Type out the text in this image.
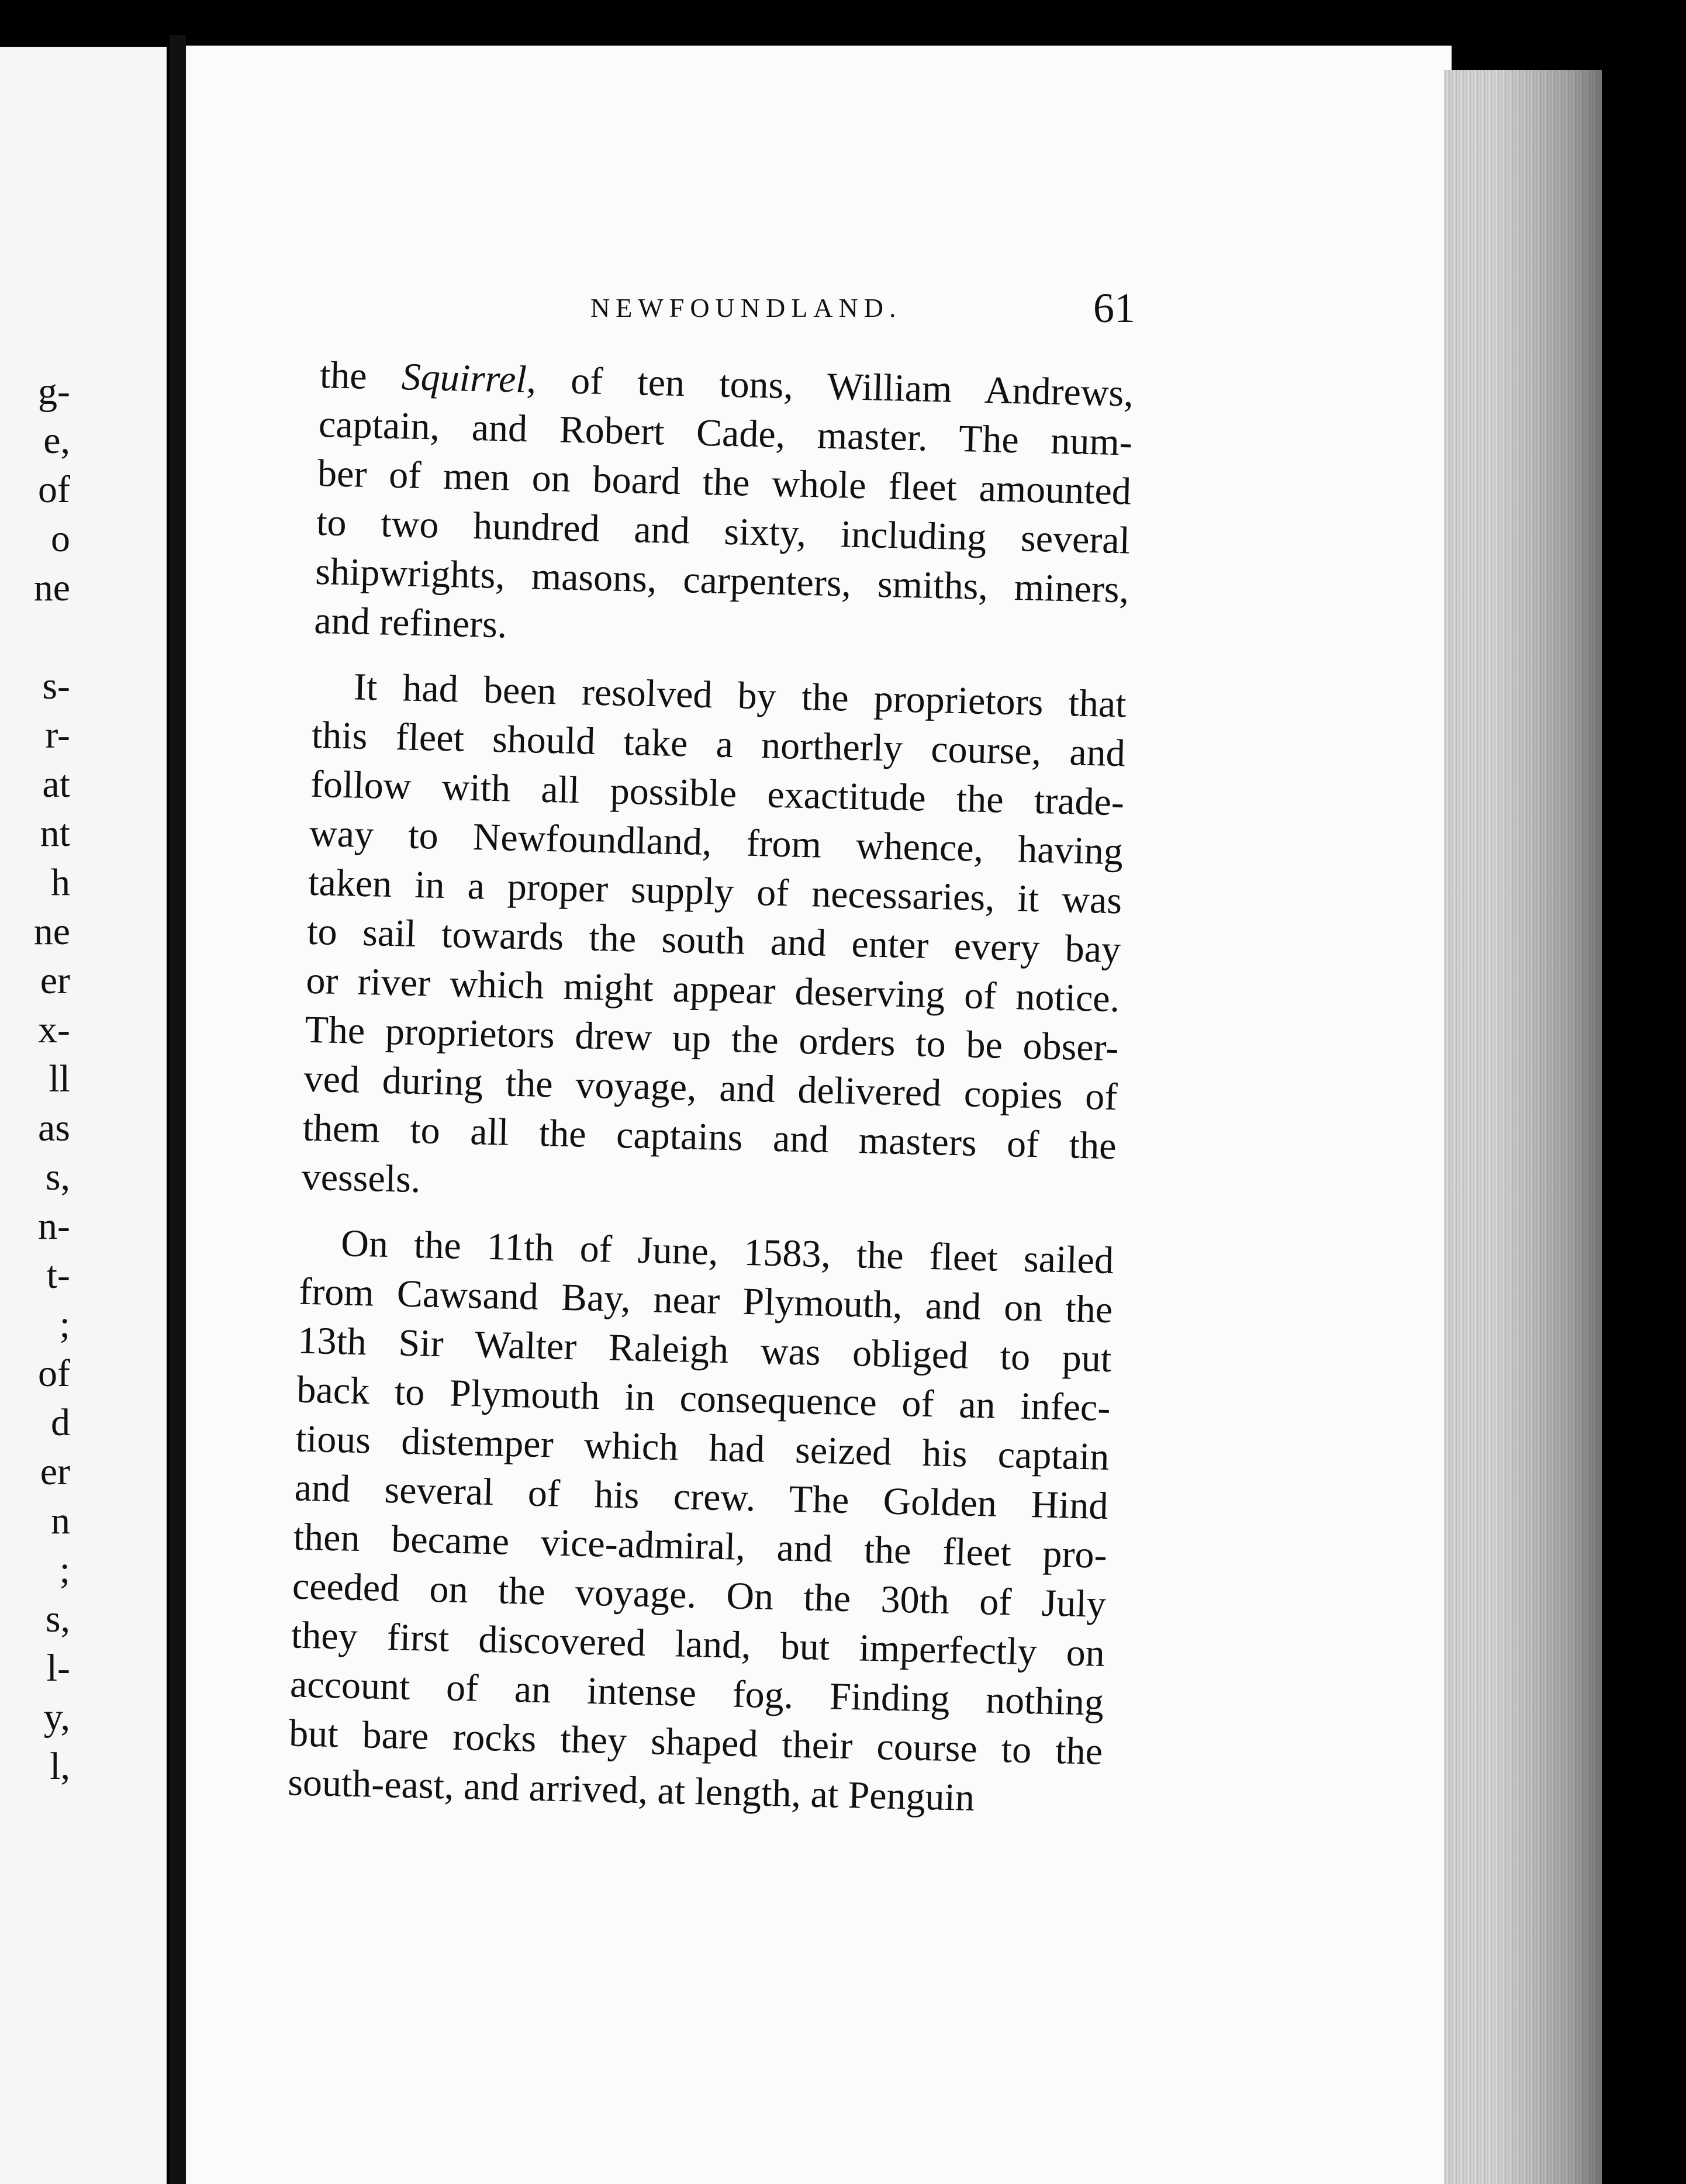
g-
e,
of
o
ne
s-
r-
at
nt
h
ne
er
x-
ll
as
s,
n-
t-
;
of
d
er
n
;
s,
l-
y,
l,
NEWFOUNDLAND.	61
the Squirrel, of ten tons, William Andrews,
captain, and Robert Cade, master. The num-
ber of men on board the whole fleet amounted
to two hundred and sixty, including several
shipwrights, masons, carpenters, smiths, miners,
and refiners.
It had been resolved by the proprietors that
this fleet should take a northerly course, and
follow with all possible exactitude the trade-
way to Newfoundland, from whence, having
taken in a proper supply of necessaries, it was
to sail towards the south and enter every bay
or river which might appear deserving of notice.
The proprietors drew up the orders to be obser-
ved during the voyage, and delivered copies of
them to all the captains and masters of the
vessels.
On the 11th of June, 1583, the fleet sailed
from Cawsand Bay, near Plymouth, and on the
13th Sir Walter Raleigh was obliged to put
back to Plymouth in consequence of an infec-
tious distemper which had seized his captain
and several of his crew. The Golden Hind
then became vice-admiral, and the fleet pro-
ceeded on the voyage. On the 30th of July
they first discovered land, but imperfectly on
account of an intense fog. Finding nothing
but bare rocks they shaped their course to the
south-east, and arrived, at length, at Penguin
